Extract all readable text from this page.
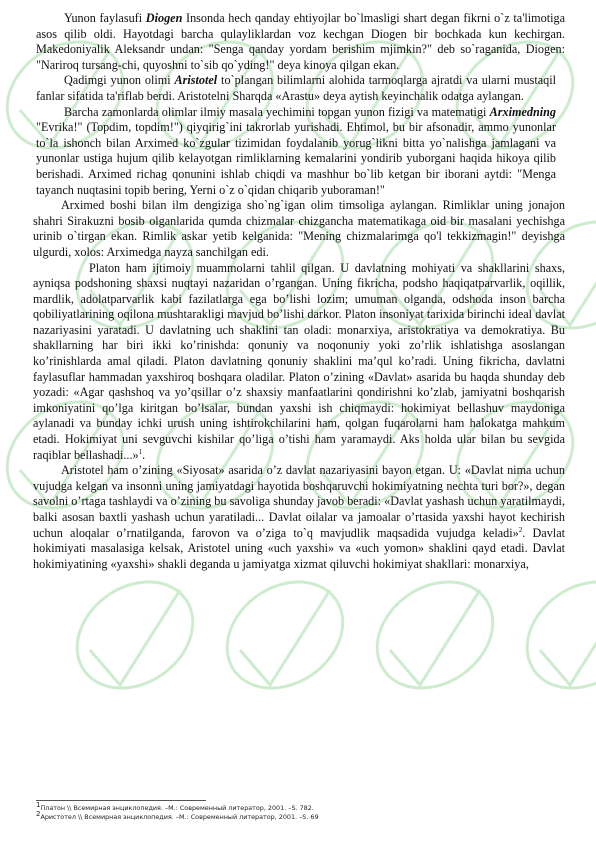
Yunon faylasufi Diogen Insonda hech qanday ehtiyojlar bo`lmasligi shart degan fikrni o`z ta'limotiga asos qilib oldi. Hayotdagi barcha qulayliklardan voz kechgan Diogen bir bochkada kun kechirgan. Makedoniyalik Aleksandr undan: "Senga qanday yordam berishim mjimkin?" deb so`raganida, Diogen: "Nariroq tursang-chi, quyoshni to`sib qo`yding!" deya kinoya qilgan ekan.

Qadimgi yunon olimi Aristotel to`plangan bilimlarni alohida tarmoqlarga ajratdi va ularni mustaqil fanlar sifatida ta'riflab berdi. Aristotelni Sharqda «Arastu» deya aytish keyinchalik odatga aylangan.

Barcha zamonlarda olimlar ilmiy masala yechimini topgan yunon fizigi va matematigi Arximedning "Evrika!" (Topdim, topdim!") qiyqirig`ini takrorlab yurishadi. Ehtimol, bu bir afsonadir, ammo yunonlar to`la ishonch bilan Arximed ko`zgular tizimidan foydalanib yorug`likni bitta yo`nalishga jamlagani va yunonlar ustiga hujum qilib kelayotgan rimliklarning kemalarini yondirib yuborgani haqida hikoya qilib berishadi. Arximed richag qonunini ishlab chiqdi va mashhur bo`lib ketgan bir iborani aytdi: "Menga tayanch nuqtasini topib bering, Yerni o`z o`qidan chiqarib yuboraman!"

Arximed boshi bilan ilm dengiziga sho`ng`igan olim timsoliga aylangan. Rimliklar uning jonajon shahri Sirakuzni bosib olganlarida qumda chizmalar chizgancha matematikaga oid bir masalani yechishga urinib o`tirgan ekan. Rimlik askar yetib kelganida: "Mening chizmalarimga qo'l tekkizmagin!" deyishga ulgurdi, xolos: Arximedga nayza sanchilgan edi.

Platon ham ijtimoiy muammolarni tahlil qilgan. U davlatning mohiyati va shakllarini shaxs, ayniqsa podshoning shaxsi nuqtayi nazaridan o’rgangan. Uning fikricha, podsho haqiqatparvarlik, oqillik, mardlik, adolatparvarlik kabi fazilatlarga ega bo’lishi lozim; umuman olganda, odshoda inson barcha qobiliyatlarining oqilona mushtarakligi mavjud bo’lishi darkor. Platon insoniyat tarixida birinchi ideal davlat nazariyasini yaratadi. U davlatning uch shaklini tan oladi: monarxiya, aristokratiya va demokratiya. Bu shakllarning har biri ikki ko’rinishda: qonuniy va noqonuniy yoki zo’rlik ishlatishga asoslangan ko’rinishlarda amal qiladi. Platon davlatning qonuniy shaklini ma’qul ko’radi. Uning fikricha, davlatni faylasuflar hammadan yaxshiroq boshqara oladilar. Platon o’zining «Davlat» asarida bu haqda shunday deb yozadi: «Agar qashshoq va yo’qsillar o’z shaxsiy manfaatlarini qondirishni ko’zlab, jamiyatni boshqarish imkoniyatini qo’lga kiritgan bo’lsalar, bundan yaxshi ish chiqmaydi: hokimiyat bellashuv maydoniga aylanadi va bunday ichki urush uning ishtirokchilarini ham, qolgan fuqarolarni ham halokatga mahkum etadi. Hokimiyat uni sevguvchi kishilar qo’liga o’tishi ham yaramaydi. Aks holda ular bilan bu sevgida raqiblar bellashadi...»$^1$.

Aristotel ham o’zining «Siyosat» asarida o’z davlat nazariyasini bayon etgan. U: «Davlat nima uchun vujudga kelgan va insonni uning jamiyatdagi hayotida boshqaruvchi hokimiyatning nechta turi bor?», degan savolni o’rtaga tashlaydi va o’zining bu savoliga shunday javob beradi: «Davlat yashash uchun yaratilmaydi, balki asosan baxtli yashash uchun yaratiladi... Davlat oilalar va jamoalar o’rtasida yaxshi hayot kechirish uchun aloqalar o’rnatilganda, farovon va o’ziga to`q mavjudlik maqsadida vujudga keladi»$^2$. Davlat hokimiyati masalasiga kelsak, Aristotel uning «uch yaxshi» va «uch yomon» shaklini qayd etadi. Davlat hokimiyatining «yaxshi» shakli deganda u jamiyatga xizmat qiluvchi hokimiyat shakllari: monarxiya,

$^1$Платон \\ Всемирная энциклопедия. –М.: Современный литератор, 2001. –S. 782.
$^2$Аристотел \\ Всемирная энциклопедия. –М.: Современный литератор, 2001. –S. 69
